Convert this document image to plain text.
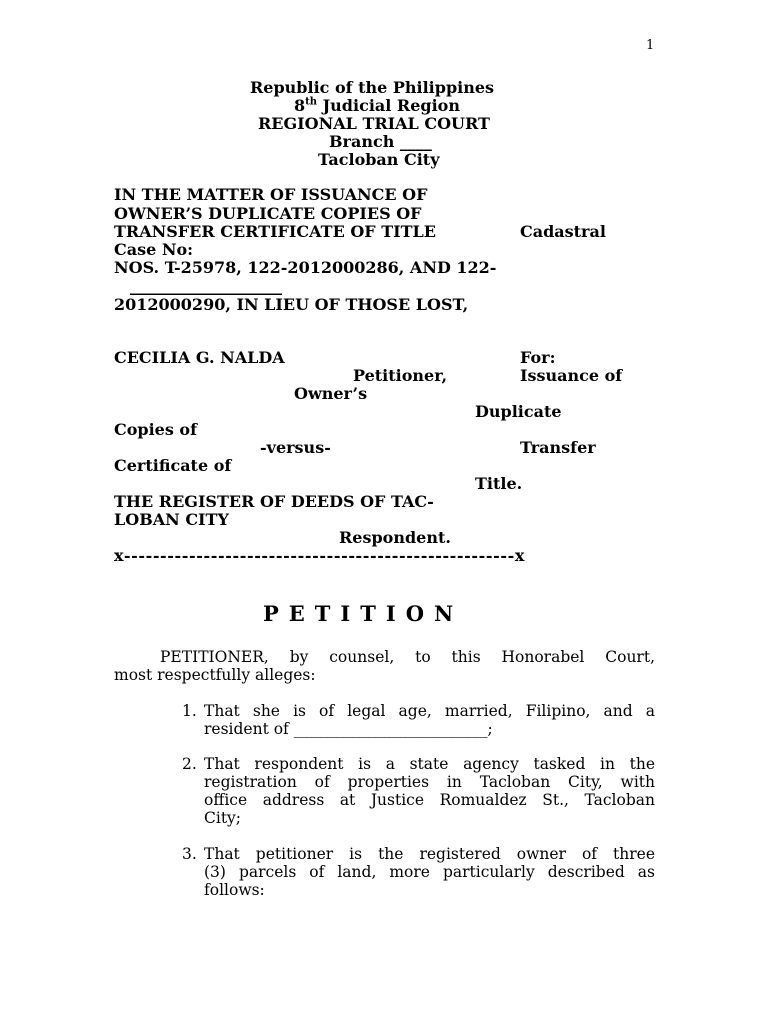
1
Republic of the Philippines
8th Judicial Region
REGIONAL TRIAL COURT
Branch ____
Tacloban City
IN THE MATTER OF ISSUANCE OF
OWNER’S DUPLICATE COPIES OF
TRANSFER CERTIFICATE OF TITLE	Cadastral
Case No:
NOS. T-25978, 122-2012000286, AND 122-
___________________
2012000290, IN LIEU OF THOSE LOST,
CECILIA G. NALDA	For:
Petitioner,	Issuance of
Owner’s
Duplicate
Copies of
-versus-	Transfer
Certificate of
Title.
THE REGISTER OF DEEDS OF TAC-
LOBAN CITY
Respondent.
x------------------------------------------------------x
PETITION
PETITIONER, by counsel, to this Honorabel Court,
most respectfully alleges:
1. That she is of legal age, married, Filipino, and a
resident of _________________________;
2. That respondent is a state agency tasked in the
registration of properties in Tacloban City, with
office address at Justice Romualdez St., Tacloban
City;
3. That petitioner is the registered owner of three
(3) parcels of land, more particularly described as
follows:
